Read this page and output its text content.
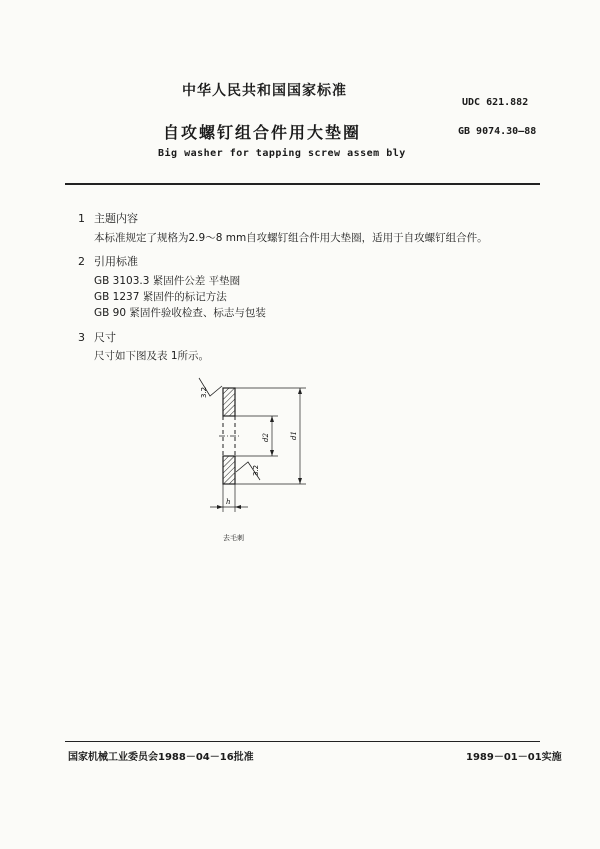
中华人民共和国国家标准
UDC 621.882
自攻螺钉组合件用大垫圈	GB 9074.30—88
Big washer for tapping screw assem bly
1 主题内容
本标准规定了规格为2.9～8 mm自攻螺钉组合件用大垫圈，适用于自攻螺钉组合件。
2 引用标准
GB 3103.3 紧固件公差 平垫圈
GB 1237 紧固件的标记方法
GB 90 紧固件验收检查、标志与包装
3 尺寸
尺寸如下图及表 1所示。
3.2
3.2
d2	d1
h
去毛刺
国家机械工业委员会1988－04－16批准	1989－01－01实施
